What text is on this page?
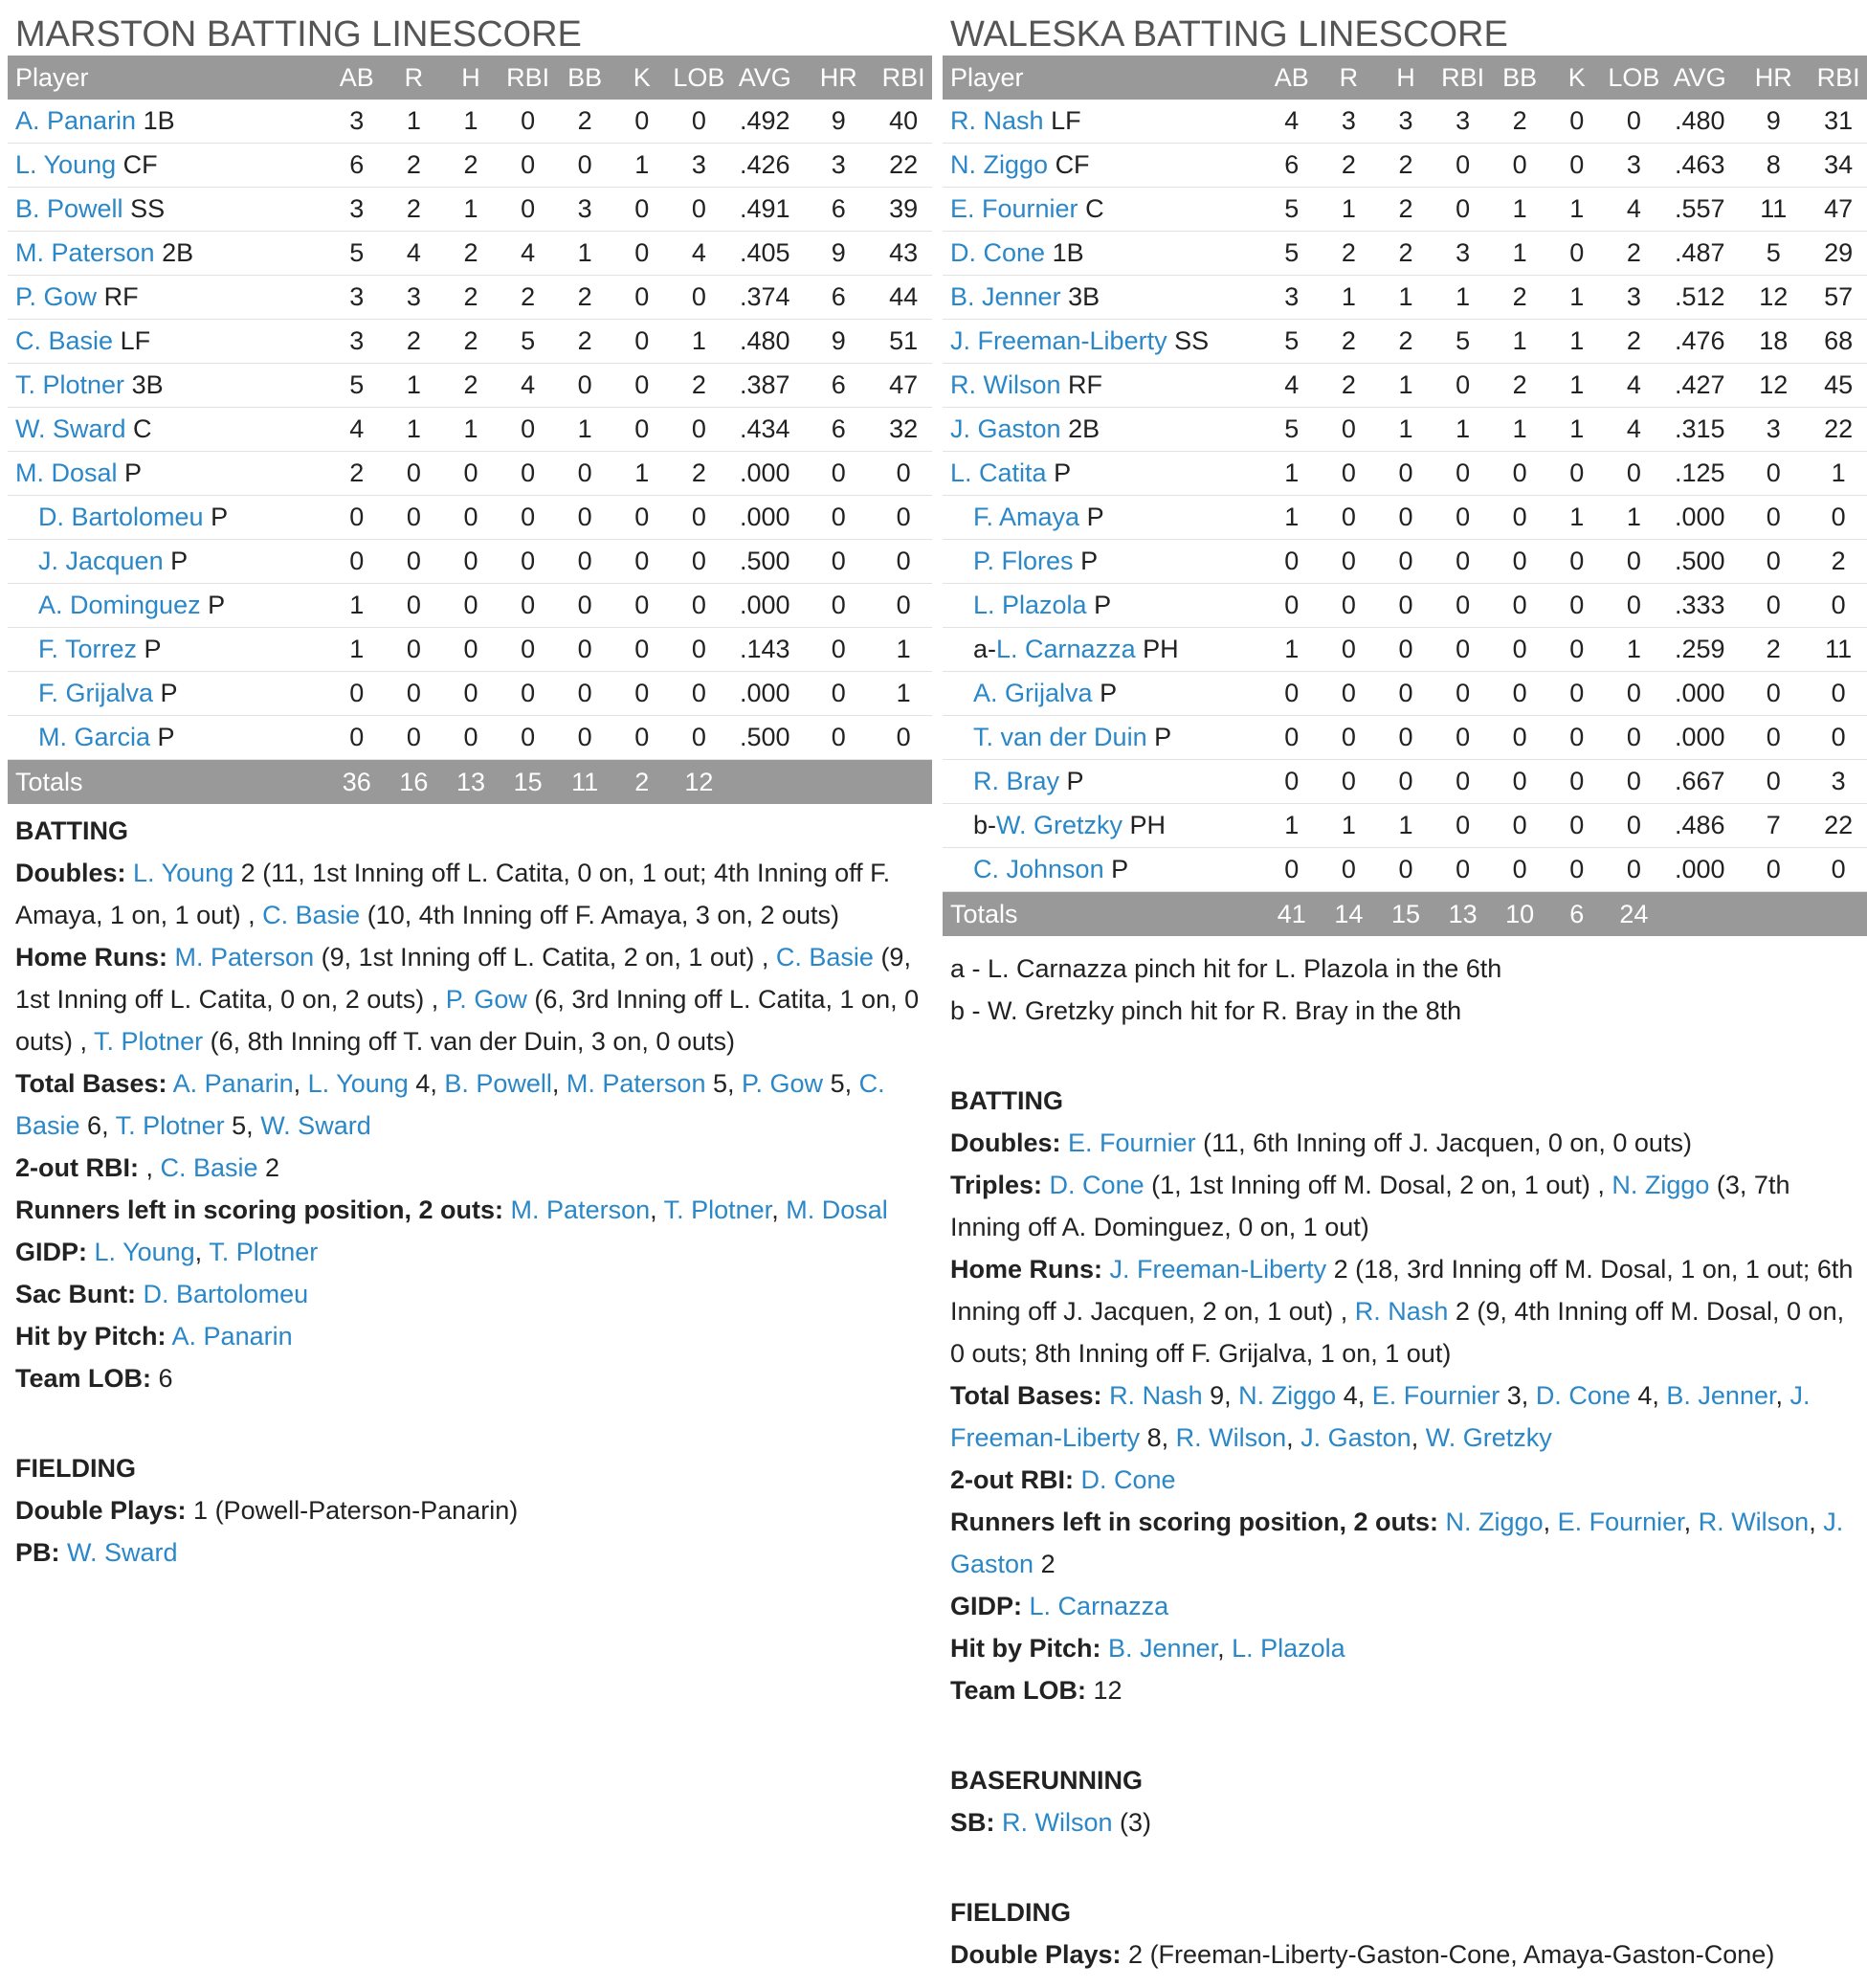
MARSTON BATTING LINESCORE
Player	AB	R	H	RBI	BB	K	LOB	AVG	HR	RBI
A. Panarin 1B	3	1	1	0	2	0	0	.492	9	40
L. Young CF	6	2	2	0	0	1	3	.426	3	22
B. Powell SS	3	2	1	0	3	0	0	.491	6	39
M. Paterson 2B	5	4	2	4	1	0	4	.405	9	43
P. Gow RF	3	3	2	2	2	0	0	.374	6	44
C. Basie LF	3	2	2	5	2	0	1	.480	9	51
T. Plotner 3B	5	1	2	4	0	0	2	.387	6	47
W. Sward C	4	1	1	0	1	0	0	.434	6	32
M. Dosal P	2	0	0	0	0	1	2	.000	0	0
D. Bartolomeu P	0	0	0	0	0	0	0	.000	0	0
J. Jacquen P	0	0	0	0	0	0	0	.500	0	0
A. Dominguez P	1	0	0	0	0	0	0	.000	0	0
F. Torrez P	1	0	0	0	0	0	0	.143	0	1
F. Grijalva P	0	0	0	0	0	0	0	.000	0	1
M. Garcia P	0	0	0	0	0	0	0	.500	0	0
Totals	36	16	13	15	11	2	12			
BATTING
Doubles: L. Young 2 (11, 1st Inning off L. Catita, 0 on, 1 out; 4th Inning off F. Amaya, 1 on, 1 out) , C. Basie (10, 4th Inning off F. Amaya, 3 on, 2 outs)
Home Runs: M. Paterson (9, 1st Inning off L. Catita, 2 on, 1 out) , C. Basie (9, 1st Inning off L. Catita, 0 on, 2 outs) , P. Gow (6, 3rd Inning off L. Catita, 1 on, 0 outs) , T. Plotner (6, 8th Inning off T. van der Duin, 3 on, 0 outs)
Total Bases: A. Panarin, L. Young 4, B. Powell, M. Paterson 5, P. Gow 5, C. Basie 6, T. Plotner 5, W. Sward
2-out RBI: , C. Basie 2
Runners left in scoring position, 2 outs: M. Paterson, T. Plotner, M. Dosal
GIDP: L. Young, T. Plotner
Sac Bunt: D. Bartolomeu
Hit by Pitch: A. Panarin
Team LOB: 6
FIELDING
Double Plays: 1 (Powell-Paterson-Panarin)
PB: W. Sward
WALESKA BATTING LINESCORE
Player	AB	R	H	RBI	BB	K	LOB	AVG	HR	RBI
R. Nash LF	4	3	3	3	2	0	0	.480	9	31
N. Ziggo CF	6	2	2	0	0	0	3	.463	8	34
E. Fournier C	5	1	2	0	1	1	4	.557	11	47
D. Cone 1B	5	2	2	3	1	0	2	.487	5	29
B. Jenner 3B	3	1	1	1	2	1	3	.512	12	57
J. Freeman-Liberty SS	5	2	2	5	1	1	2	.476	18	68
R. Wilson RF	4	2	1	0	2	1	4	.427	12	45
J. Gaston 2B	5	0	1	1	1	1	4	.315	3	22
L. Catita P	1	0	0	0	0	0	0	.125	0	1
F. Amaya P	1	0	0	0	0	1	1	.000	0	0
P. Flores P	0	0	0	0	0	0	0	.500	0	2
L. Plazola P	0	0	0	0	0	0	0	.333	0	0
a-L. Carnazza PH	1	0	0	0	0	0	1	.259	2	11
A. Grijalva P	0	0	0	0	0	0	0	.000	0	0
T. van der Duin P	0	0	0	0	0	0	0	.000	0	0
R. Bray P	0	0	0	0	0	0	0	.667	0	3
b-W. Gretzky PH	1	1	1	0	0	0	0	.486	7	22
C. Johnson P	0	0	0	0	0	0	0	.000	0	0
Totals	41	14	15	13	10	6	24			
a - L. Carnazza pinch hit for L. Plazola in the 6th
b - W. Gretzky pinch hit for R. Bray in the 8th
BATTING
Doubles: E. Fournier (11, 6th Inning off J. Jacquen, 0 on, 0 outs)
Triples: D. Cone (1, 1st Inning off M. Dosal, 2 on, 1 out) , N. Ziggo (3, 7th Inning off A. Dominguez, 0 on, 1 out)
Home Runs: J. Freeman-Liberty 2 (18, 3rd Inning off M. Dosal, 1 on, 1 out; 6th Inning off J. Jacquen, 2 on, 1 out) , R. Nash 2 (9, 4th Inning off M. Dosal, 0 on, 0 outs; 8th Inning off F. Grijalva, 1 on, 1 out)
Total Bases: R. Nash 9, N. Ziggo 4, E. Fournier 3, D. Cone 4, B. Jenner, J. Freeman-Liberty 8, R. Wilson, J. Gaston, W. Gretzky
2-out RBI: D. Cone
Runners left in scoring position, 2 outs: N. Ziggo, E. Fournier, R. Wilson, J. Gaston 2
GIDP: L. Carnazza
Hit by Pitch: B. Jenner, L. Plazola
Team LOB: 12
BASERUNNING
SB: R. Wilson (3)
FIELDING
Double Plays: 2 (Freeman-Liberty-Gaston-Cone, Amaya-Gaston-Cone)
